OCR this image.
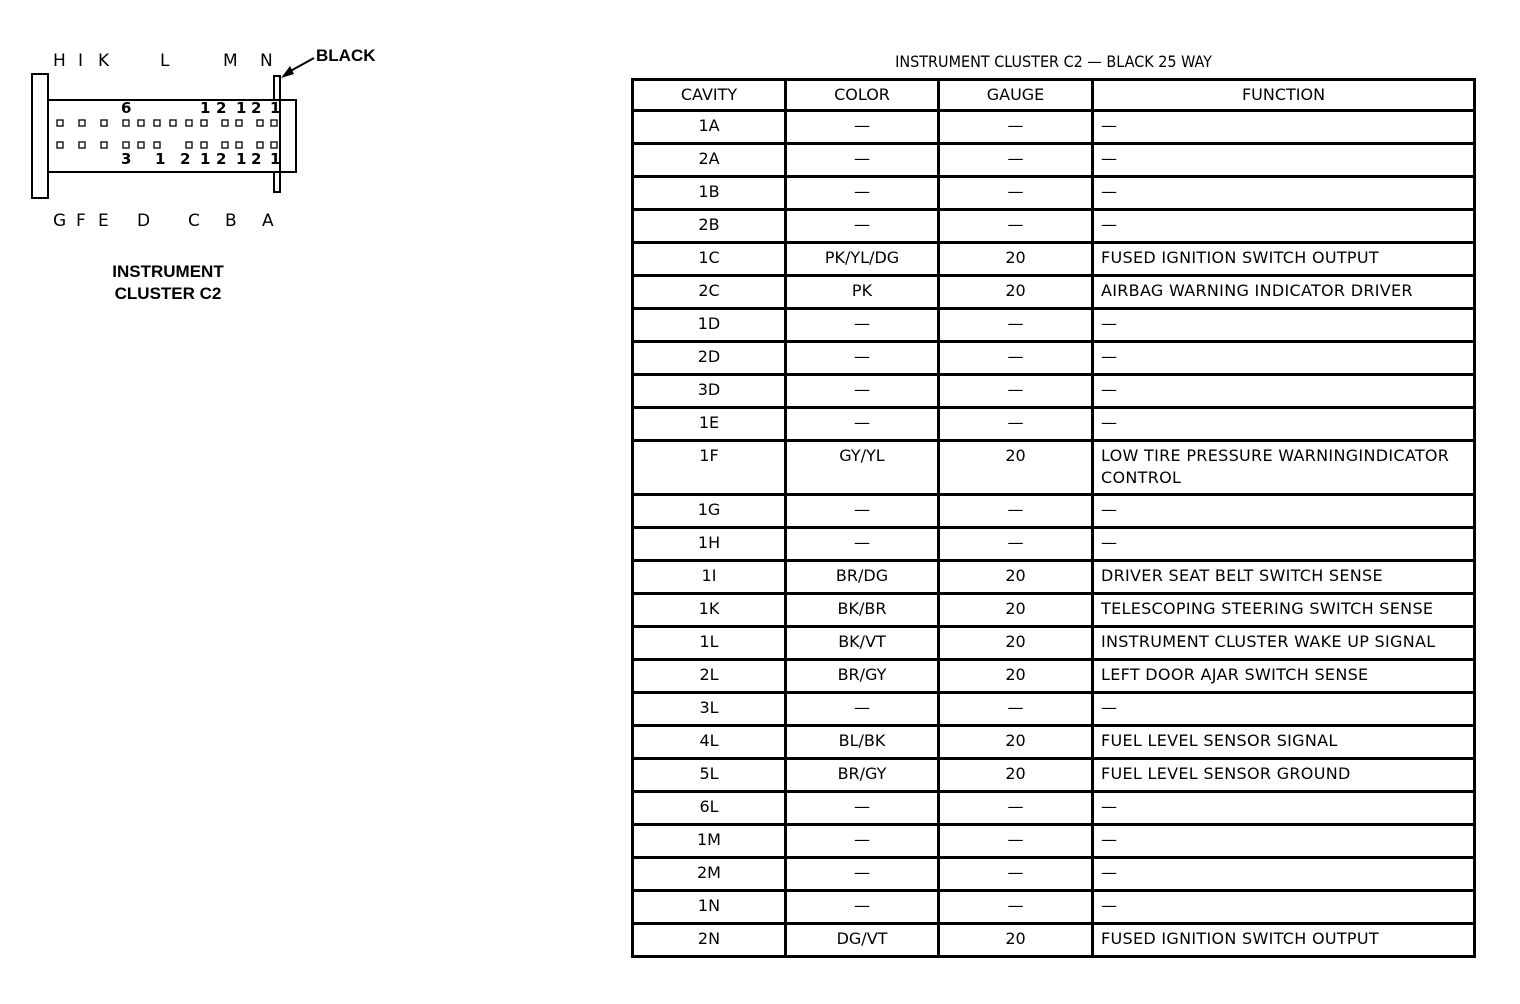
H I K	L	M N
6	1 2 1 2 1
3 1 2 1 2 1 2 1
G F E D C B A
BLACK
INSTRUMENT
CLUSTER C2
INSTRUMENT CLUSTER C2 — BLACK 25 WAY
CAVITY	COLOR	GAUGE	FUNCTION
1A	—	—	—
2A	—	—	—
1B	—	—	—
2B	—	—	—
1C	PK/YL/DG	20	FUSED IGNITION SWITCH OUTPUT
2C	PK	20	AIRBAG WARNING INDICATOR DRIVER
1D	—	—	—
2D	—	—	—
3D	—	—	—
1E	—	—	—
1F	GY/YL	20	LOW TIRE PRESSURE WARNINGINDICATOR CONTROL
1G	—	—	—
1H	—	—	—
1I	BR/DG	20	DRIVER SEAT BELT SWITCH SENSE
1K	BK/BR	20	TELESCOPING STEERING SWITCH SENSE
1L	BK/VT	20	INSTRUMENT CLUSTER WAKE UP SIGNAL
2L	BR/GY	20	LEFT DOOR AJAR SWITCH SENSE
3L	—	—	—
4L	BL/BK	20	FUEL LEVEL SENSOR SIGNAL
5L	BR/GY	20	FUEL LEVEL SENSOR GROUND
6L	—	—	—
1M	—	—	—
2M	—	—	—
1N	—	—	—
2N	DG/VT	20	FUSED IGNITION SWITCH OUTPUT
